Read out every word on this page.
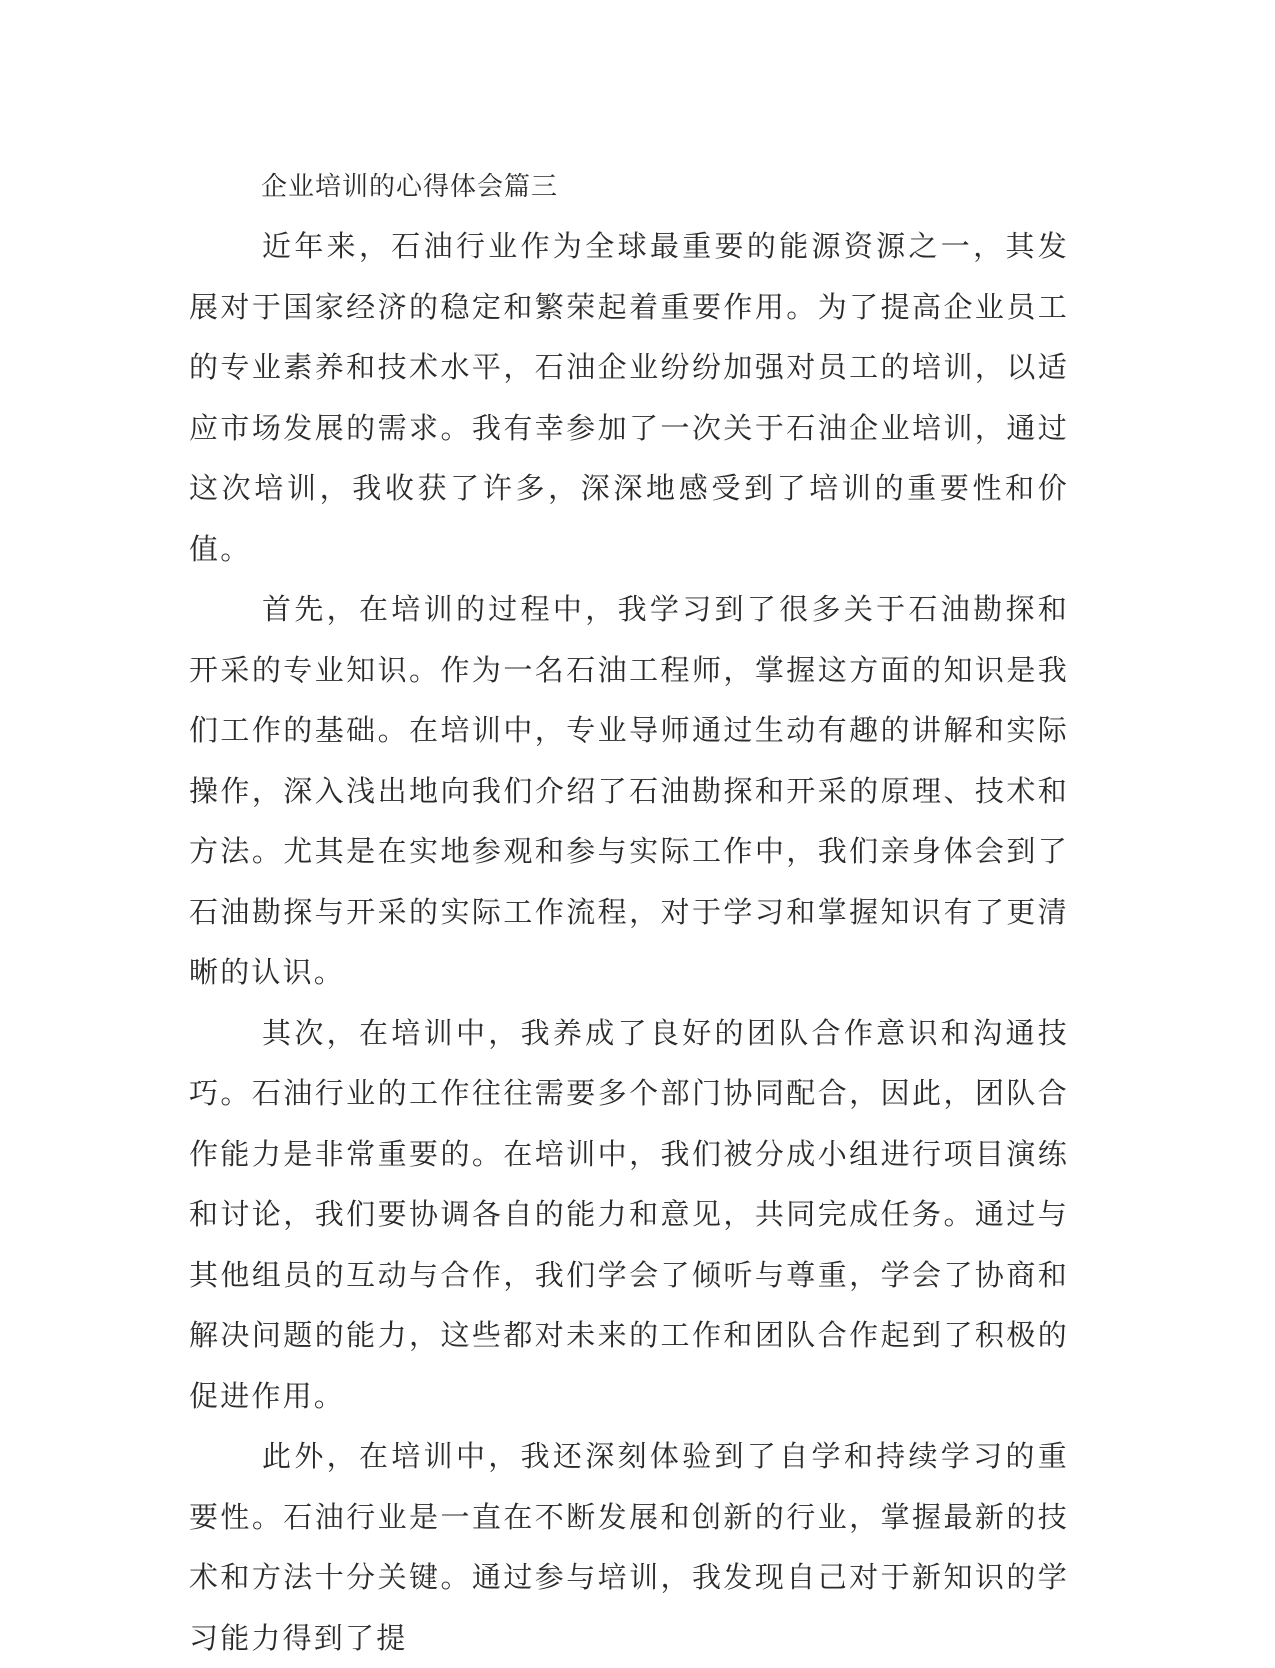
企业培训的心得体会篇三

近年来，石油行业作为全球最重要的能源资源之一，其发展对于国家经济的稳定和繁荣起着重要作用。为了提高企业员工的专业素养和技术水平，石油企业纷纷加强对员工的培训，以适应市场发展的需求。我有幸参加了一次关于石油企业培训，通过这次培训，我收获了许多，深深地感受到了培训的重要性和价值。

首先，在培训的过程中，我学习到了很多关于石油勘探和开采的专业知识。作为一名石油工程师，掌握这方面的知识是我们工作的基础。在培训中，专业导师通过生动有趣的讲解和实际操作，深入浅出地向我们介绍了石油勘探和开采的原理、技术和方法。尤其是在实地参观和参与实际工作中，我们亲身体会到了石油勘探与开采的实际工作流程，对于学习和掌握知识有了更清晰的认识。

其次，在培训中，我养成了良好的团队合作意识和沟通技巧。石油行业的工作往往需要多个部门协同配合，因此，团队合作能力是非常重要的。在培训中，我们被分成小组进行项目演练和讨论，我们要协调各自的能力和意见，共同完成任务。通过与其他组员的互动与合作，我们学会了倾听与尊重，学会了协商和解决问题的能力，这些都对未来的工作和团队合作起到了积极的促进作用。

此外，在培训中，我还深刻体验到了自学和持续学习的重要性。石油行业是一直在不断发展和创新的行业，掌握最新的技术和方法十分关键。通过参与培训，我发现自己对于新知识的学习能力得到了提
